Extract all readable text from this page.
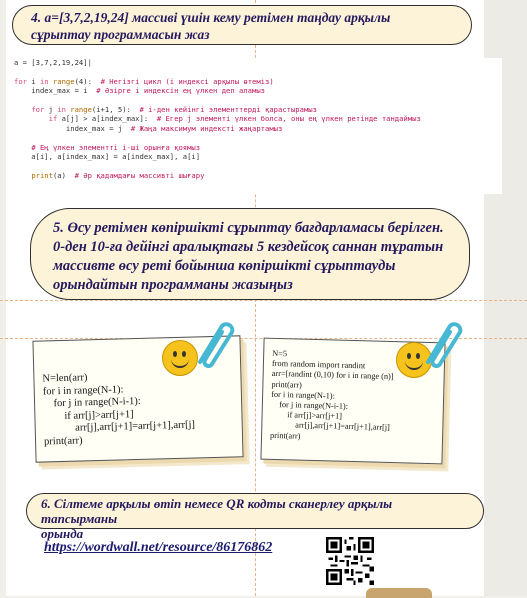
4. a=[3,7,2,19,24] массиві үшін кему ретімен таңдау арқылы
сұрыптау программасын жаз
a = [3,7,2,19,24]|
for i in range(4):  # Негізгі цикл (i индексі арқылы өтеміз)
index_max = i  # Әзірге i индексін ең үлкен деп аламыз
for j in range(i+1, 5):  # i-ден кейінгі элементтерді қарастырамыз
if a[j] > a[index_max]:  # Егер j элементі үлкен болса, оны ең үлкен ретінде тандаймыз
index_max = j  # Жаңа максимум индексті жаңартамыз
# Ең үлкен элементті i-ші орынға қоямыз
a[i], a[index_max] = a[index_max], a[i]
print(a)  # Әр қадамдағы массивті шығару
5. Өсу ретімен көпіршікті сұрыптау бағдарламасы берілген.
0-ден 10-ға дейінгі аралықтағы 5 кездейсоқ саннан тұратын
массивте өсу реті бойынша көпіршікті сұрыптауды
орындайтын программаны жазыңыз
N=len(arr)
for i in range(N-1):
for j in range(N-i-1):
if arr[j]>arr[j+1]
arr[j],arr[j+1]=arr[j+1],arr[j]
print(arr)
N=5
from random import randint
arr=[randint (0,10) for i in range (n)]
print(arr)
for i in range(N-1):
for j in range(N-i-1):
if arr[j]>arr[j+1]
arr[j],arr[j+1]=arr[j+1],arr[j]
print(arr)
6. Сілтеме арқылы өтіп немесе QR кодты сканерлеу арқылы тапсырманы
орында
https://wordwall.net/resource/86176862
